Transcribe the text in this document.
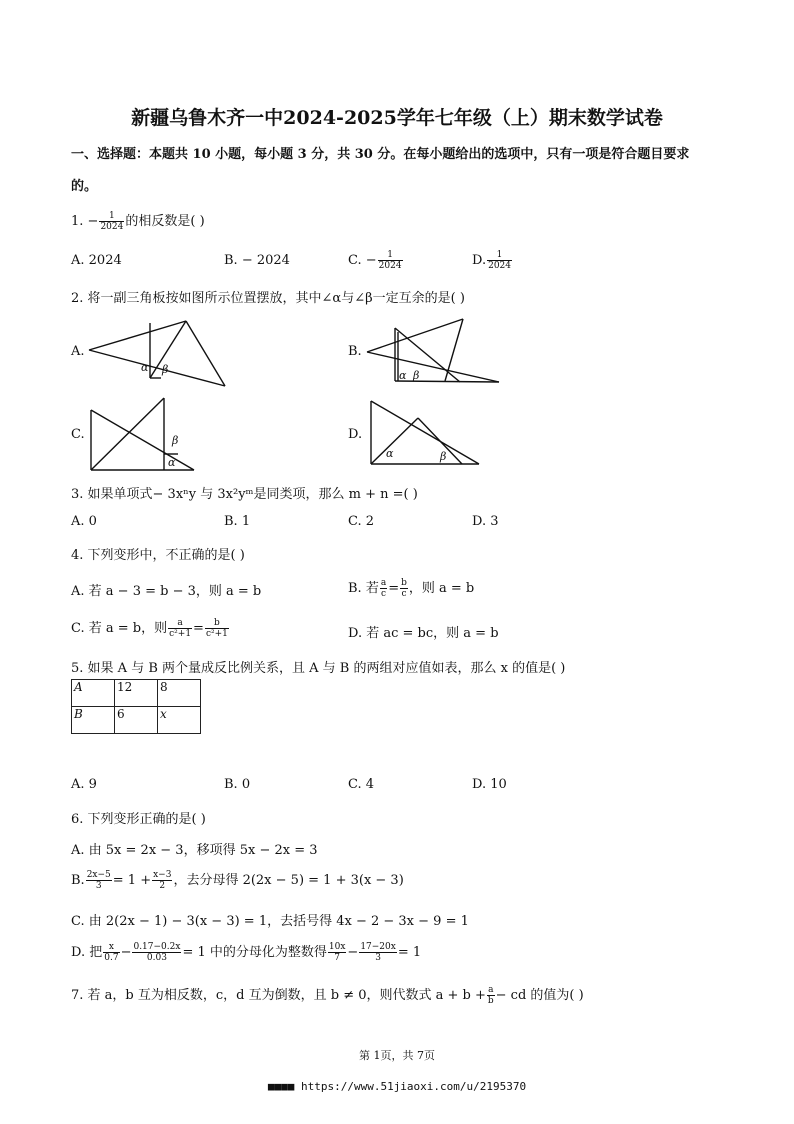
新疆乌鲁木齐一中2024-2025学年七年级（上）期末数学试卷
一、选择题：本题共 10 小题，每小题 3 分，共 30 分。在每小题给出的选项中，只有一项是符合题目要求
的。
1. − $\frac{1}{2024}$ 的相反数是( )
A. 2024	B. − 2024	C. − $\frac{1}{2024}$	D. $\frac{1}{2024}$
2. 将一副三角板按如图所示位置摆放，其中∠α与∠β一定互余的是( )
A.	B.
C.	D.
α β	α β
β
α
α	β
3. 如果单项式− 3xⁿy 与 3x²yᵐ是同类项，那么 m + n =( )
A. 0	B. 1	C. 2	D. 3
4. 下列变形中，不正确的是( )
A. 若 a − 3 = b − 3，则 a = b	B. 若 $\frac{a}{c} = \frac{b}{c}$ ，则 a = b
C. 若 a = b，则 $\frac{a}{\text{c²+1}} = \frac{b}{\text{c²+1}}$	D. 若 ac = bc，则 a = b
5. 如果 A 与 B 两个量成反比例关系，且 A 与 B 的两组对应值如表，那么 x 的值是( )
A	12	8
B	6	x
A. 9	B. 0	C. 4	D. 10
6. 下列变形正确的是( )
A. 由 5x = 2x − 3，移项得 5x − 2x = 3
B. $\frac{2x-5}{3} = 1 + \frac{x-3}{2}$ ，去分母得 2(2x − 5) = 1 + 3(x − 3)
C. 由 2(2x − 1) − 3(x − 3) = 1，去括号得 4x − 2 − 3x − 9 = 1
D. 把 $\frac{x}{0.7} - \frac{0.17-0.2x}{0.03} = 1$ 中的分母化为整数得 $\frac{10x}{7} - \frac{17-20x}{3} = 1$
7. 若 a，b 互为相反数，c，d 互为倒数，且 b ≠ 0，则代数式 $a + b + \frac{a}{b}$ − cd 的值为( )
第 1页，共 7页
■■■■ https://www.51jiaoxi.com/u/2195370
